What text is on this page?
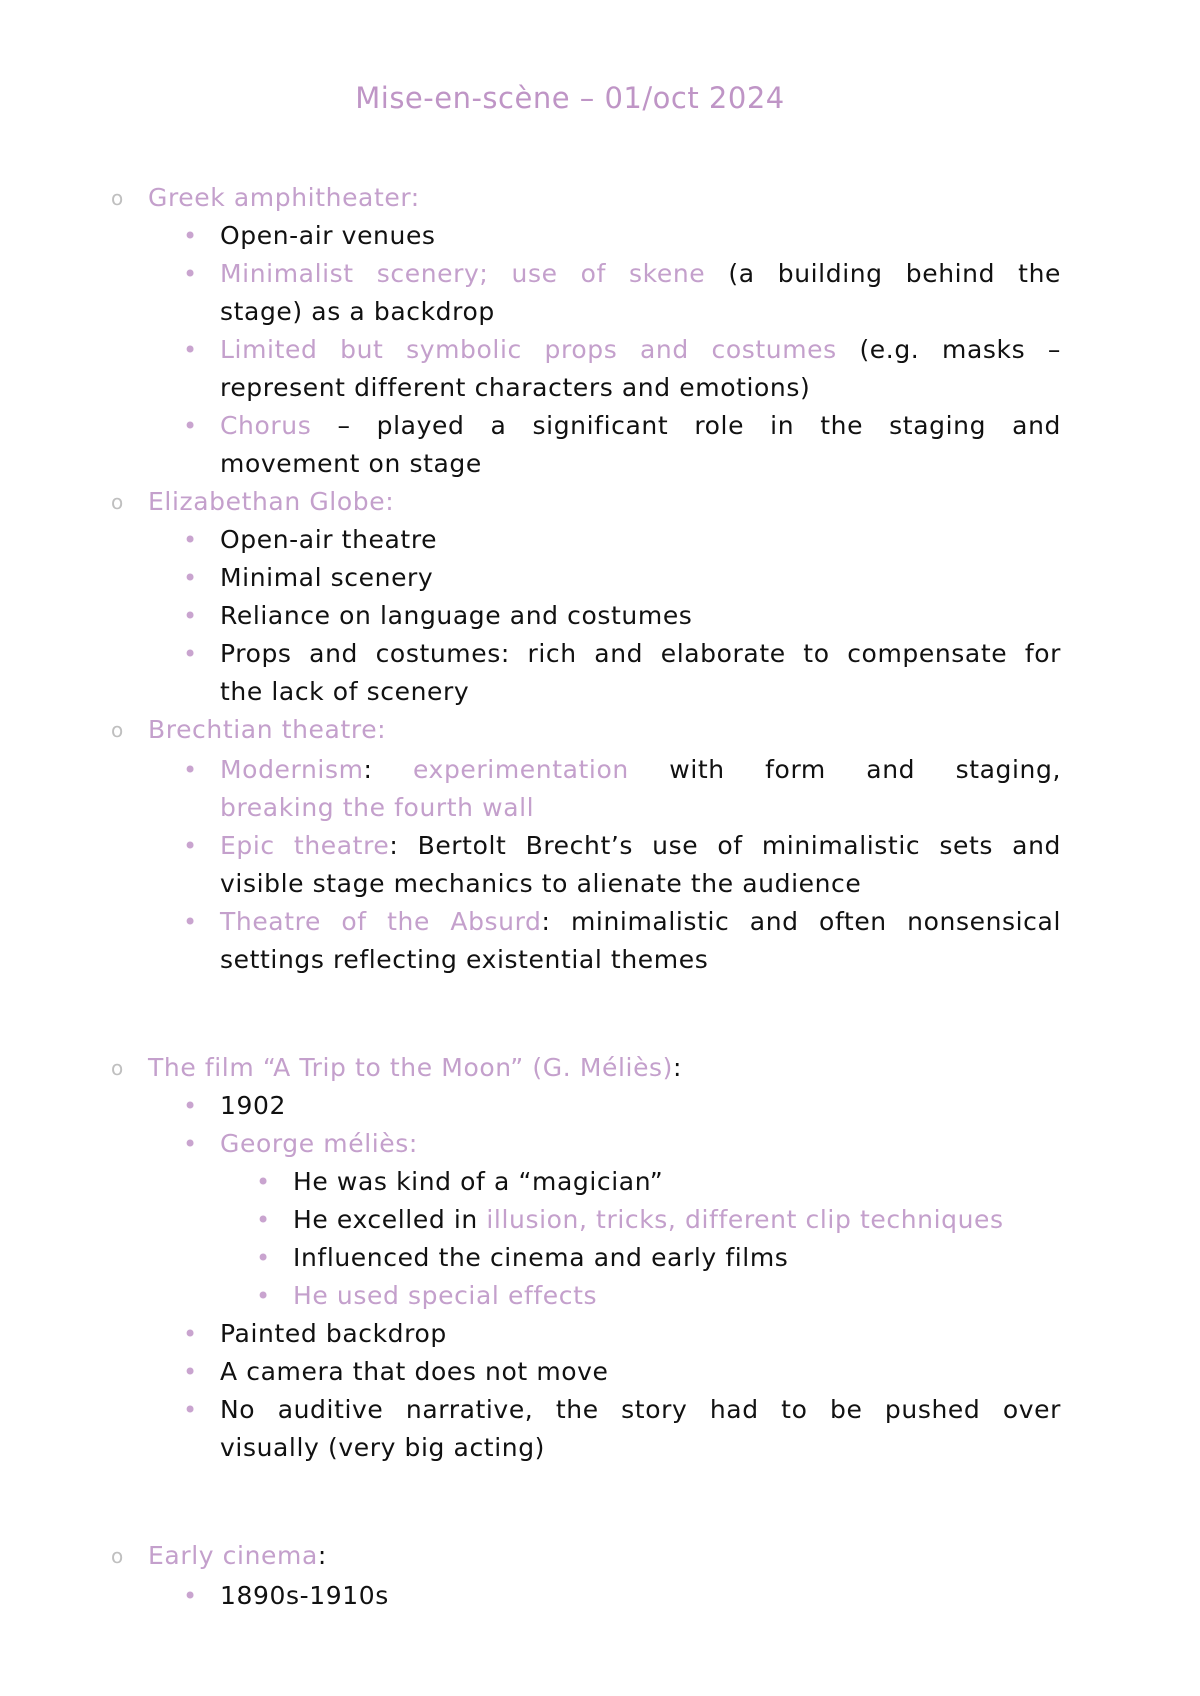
Mise-en-scène – 01/oct 2024
o Greek amphitheater:
• Open-air venues
• Minimalist scenery; use of skene (a building behind the
stage) as a backdrop
• Limited but symbolic props and costumes (e.g. masks –
represent different characters and emotions)
• Chorus – played a significant role in the staging and
movement on stage
o Elizabethan Globe:
• Open-air theatre
• Minimal scenery
• Reliance on language and costumes
• Props and costumes: rich and elaborate to compensate for
the lack of scenery
o Brechtian theatre:
• Modernism: experimentation with form and staging,
breaking the fourth wall
• Epic theatre: Bertolt Brecht’s use of minimalistic sets and
visible stage mechanics to alienate the audience
• Theatre of the Absurd: minimalistic and often nonsensical
settings reflecting existential themes
o The film “A Trip to the Moon” (G. Méliès):
• 1902
• George méliès:
• He was kind of a “magician”
• He excelled in illusion, tricks, different clip techniques
• Influenced the cinema and early films
• He used special effects
• Painted backdrop
• A camera that does not move
• No auditive narrative, the story had to be pushed over
visually (very big acting)
o Early cinema:
• 1890s-1910s
